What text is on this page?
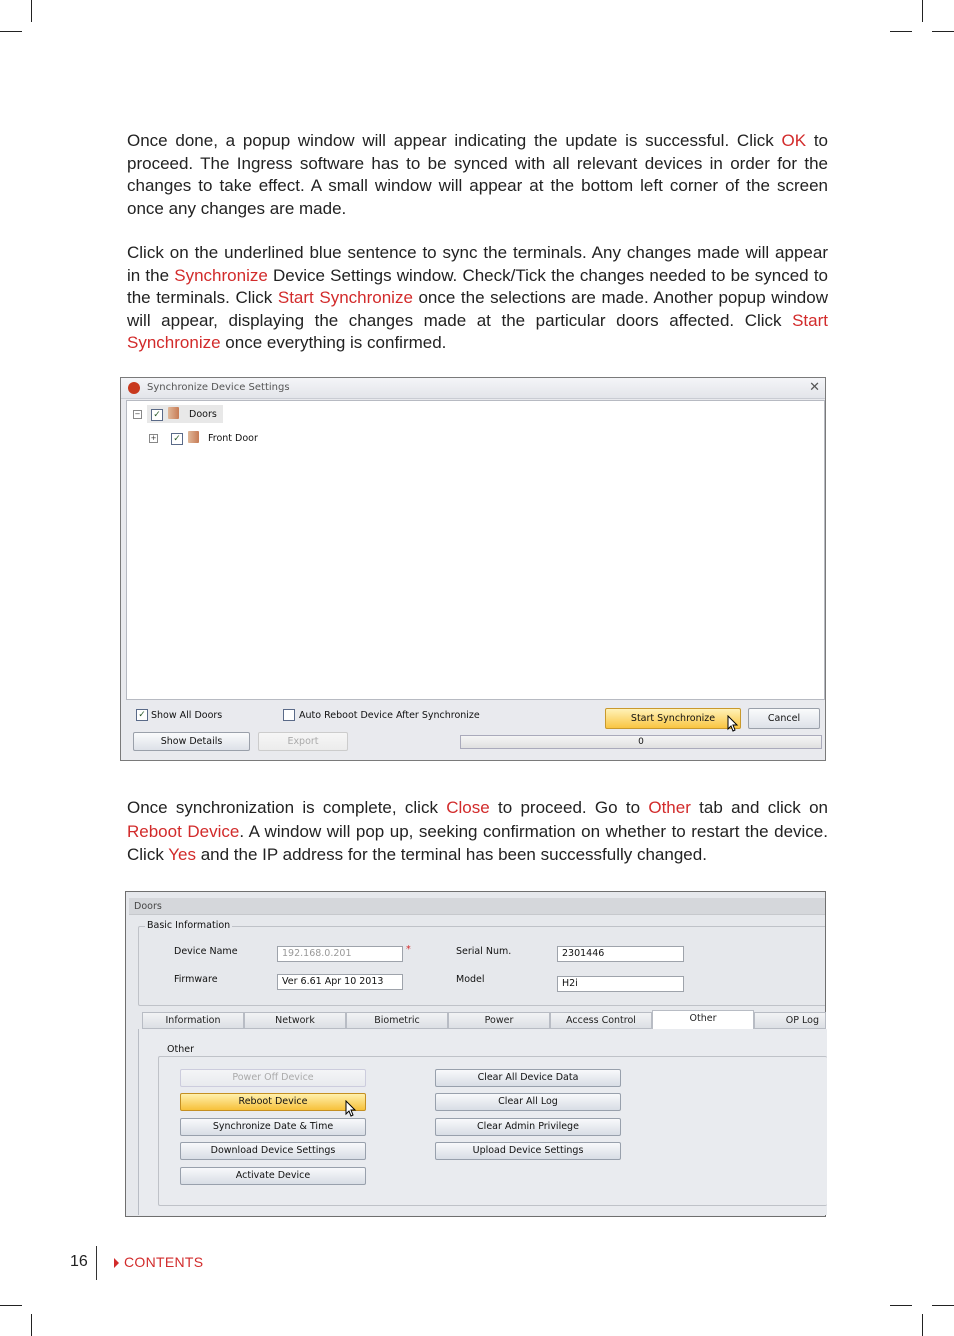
Once done, a popup window will appear indicating the update is successful. Click OK to proceed. The Ingress software has to be synced with all relevant devices in order for the changes to take effect. A small window will appear at the bottom left corner of the screen once any changes are made.
Click on the underlined blue sentence to sync the terminals. Any changes made will appear in the Synchronize Device Settings window. Check/Tick the changes needed to be synced to the terminals. Click Start Synchronize once the selections are made. Another popup window will appear, displaying the changes made at the particular doors affected. Click Start Synchronize once everything is confirmed.
Synchronize Device Settings	✕
− ✓	Doors
+ ✓	Front Door
✓ Show All Doors	Auto Reboot Device After Synchronize	Start Synchronize	Cancel
Show Details	Export	0
Once synchronization is complete, click Close to proceed. Go to Other tab and click on Reboot Device. A window will pop up, seeking confirmation on whether to restart the device. Click Yes and the IP address for the terminal has been successfully changed.
Doors
Basic Information
Device Name	192.168.0.201	*	Serial Num.	2301446
Firmware	Ver 6.61 Apr 10 2013	Model	H2i
Information	Network	Biometric	Power	Access Control	Other	OP Log
Other
Power Off Device
Reboot Device
Synchronize Date & Time
Download Device Settings
Activate Device
Clear All Device Data
Clear All Log
Clear Admin Privilege
Upload Device Settings
16	CONTENTS
